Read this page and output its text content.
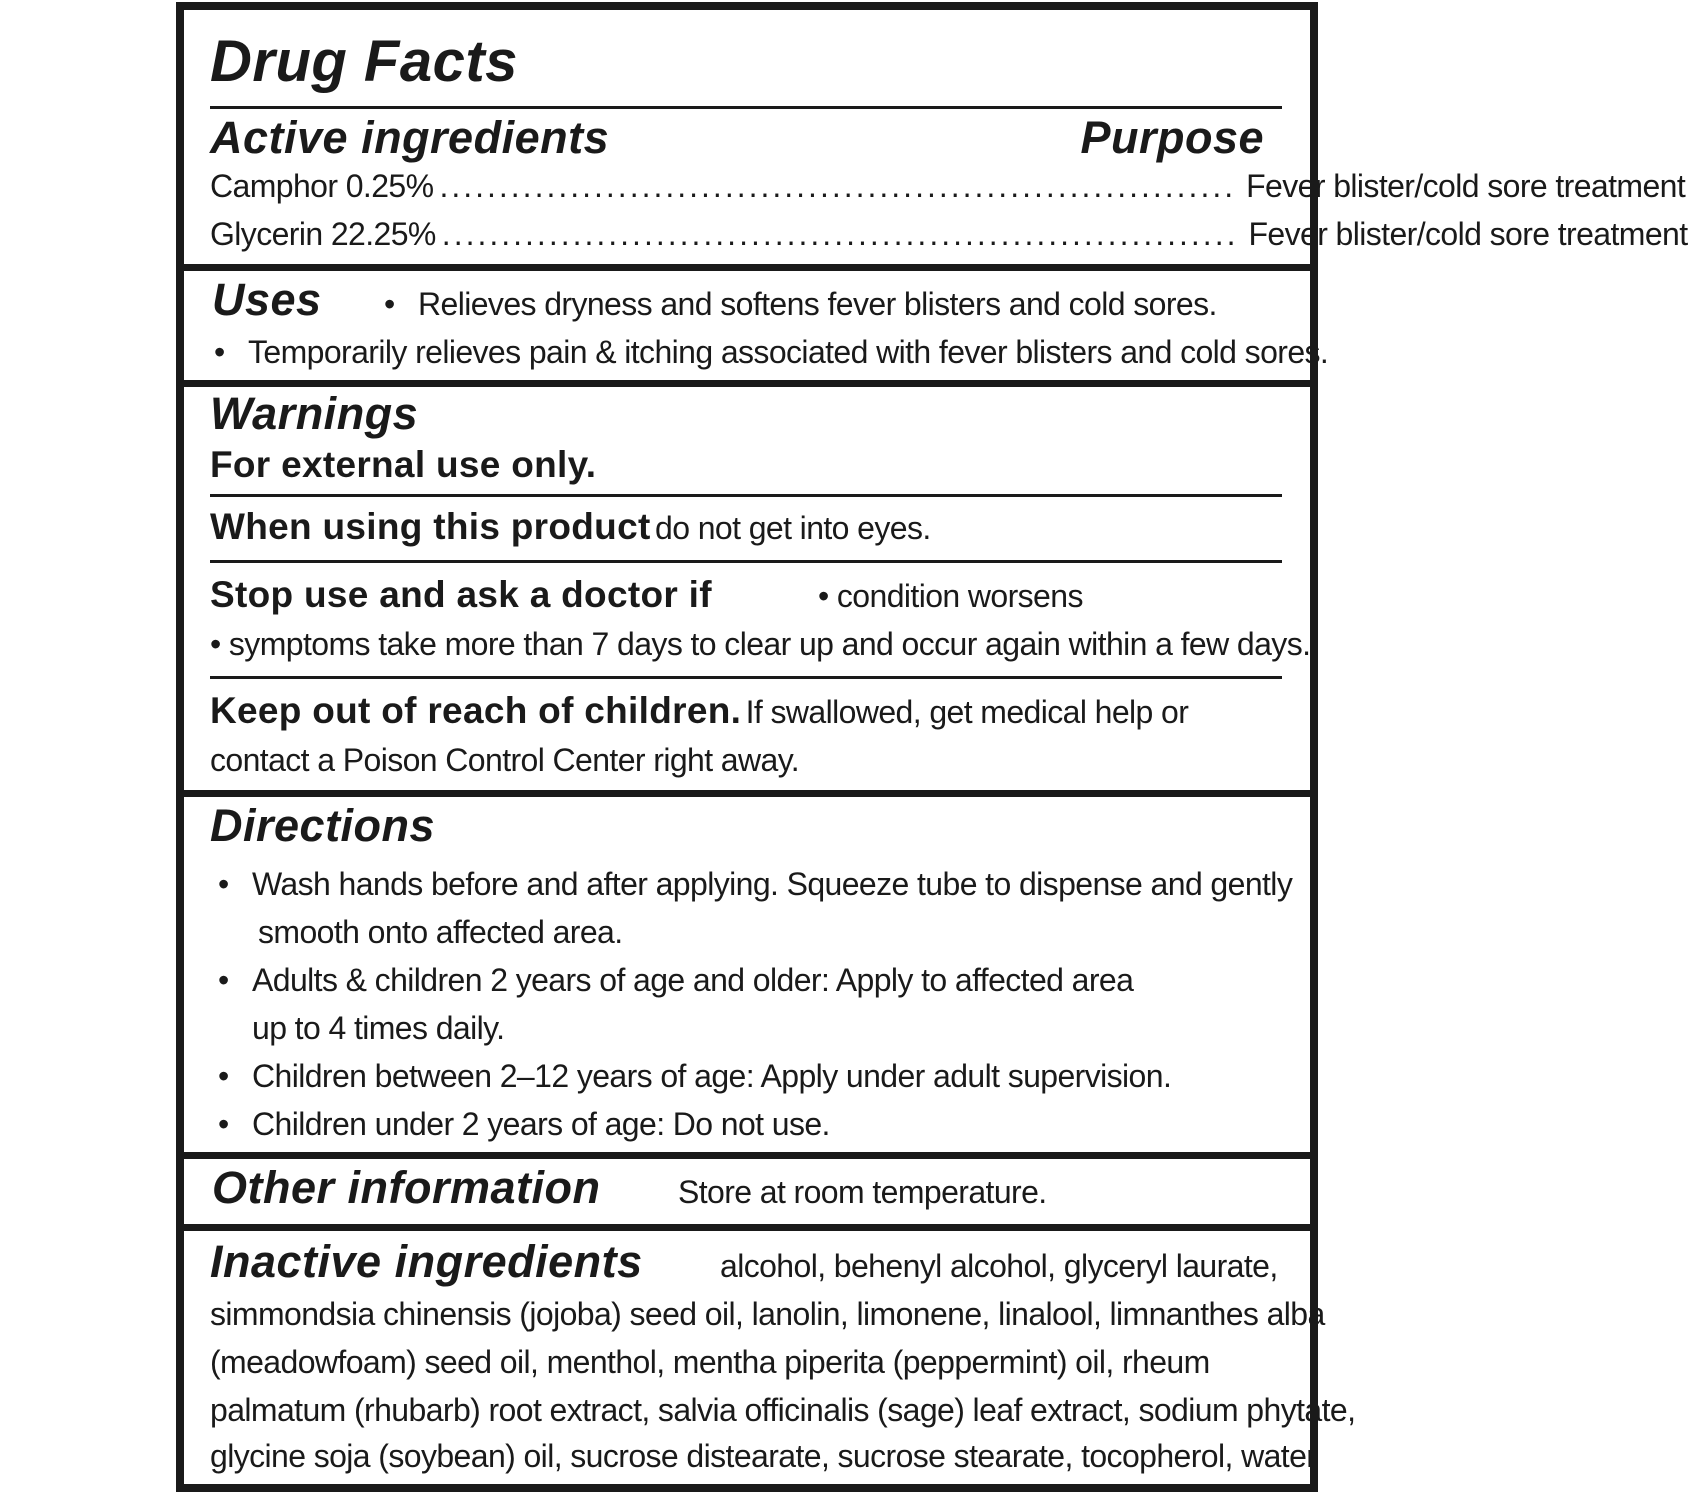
Drug Facts
Active ingredients	Purpose
Camphor 0.25% ................................................................... Fever blister/cold sore treatment
Glycerin 22.25% ................................................................... Fever blister/cold sore treatment
Uses • Relieves dryness and softens fever blisters and cold sores.
• Temporarily relieves pain & itching associated with fever blisters and cold sores.
Warnings
For external use only.
When using this product do not get into eyes.
Stop use and ask a doctor if	• condition worsens
• symptoms take more than 7 days to clear up and occur again within a few days.
Keep out of reach of children. If swallowed, get medical help or
contact a Poison Control Center right away.
Directions
• Wash hands before and after applying. Squeeze tube to dispense and gently
smooth onto affected area.
• Adults & children 2 years of age and older: Apply to affected area
up to 4 times daily.
• Children between 2–12 years of age: Apply under adult supervision.
• Children under 2 years of age: Do not use.
Other information Store at room temperature.
Inactive ingredients alcohol, behenyl alcohol, glyceryl laurate,
simmondsia chinensis (jojoba) seed oil, lanolin, limonene, linalool, limnanthes alba
(meadowfoam) seed oil, menthol, mentha piperita (peppermint) oil, rheum
palmatum (rhubarb) root extract, salvia officinalis (sage) leaf extract, sodium phytate,
glycine soja (soybean) oil, sucrose distearate, sucrose stearate, tocopherol, water
